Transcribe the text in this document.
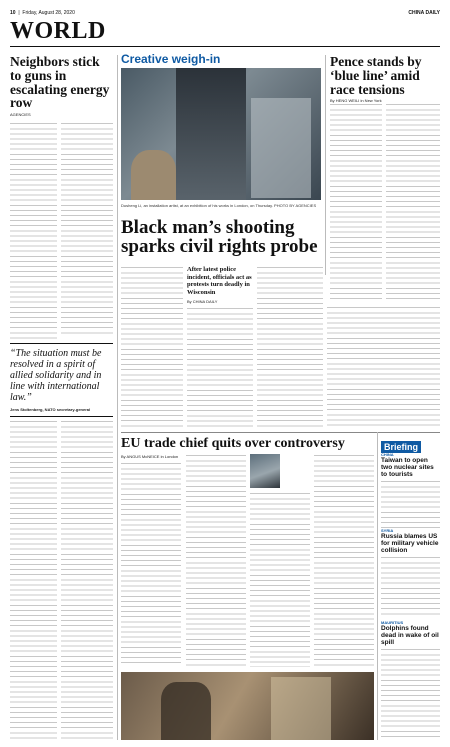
10  |  Friday, August 28, 2020	CHINA DAILY
WORLD
Neighbors stick to guns in escalating energy row
AGENCIES
“The situation must be resolved in a spirit of allied solidarity and in line with international law.”
Jens Stoltenberg, NATO secretary-general
Creative weigh-in
Dusheng Li, an installation artist, at an exhibition of his works in London, on Thursday. PHOTO BY AGENCIES
Pence stands by ‘blue line’ amid race tensions
By HENG WEILI in New York
Black man’s shooting sparks civil rights probe
After latest police incident, officials act as protests turn deadly in Wisconsin
By CHINA DAILY
EU trade chief quits over controversy
By ANGUS McNEICE in London
Briefing
CHINA
Taiwan to open two nuclear sites to tourists
SYRIA
Russia blames US for military vehicle collision
MAURITIUS
Dolphins found dead in wake of oil spill
